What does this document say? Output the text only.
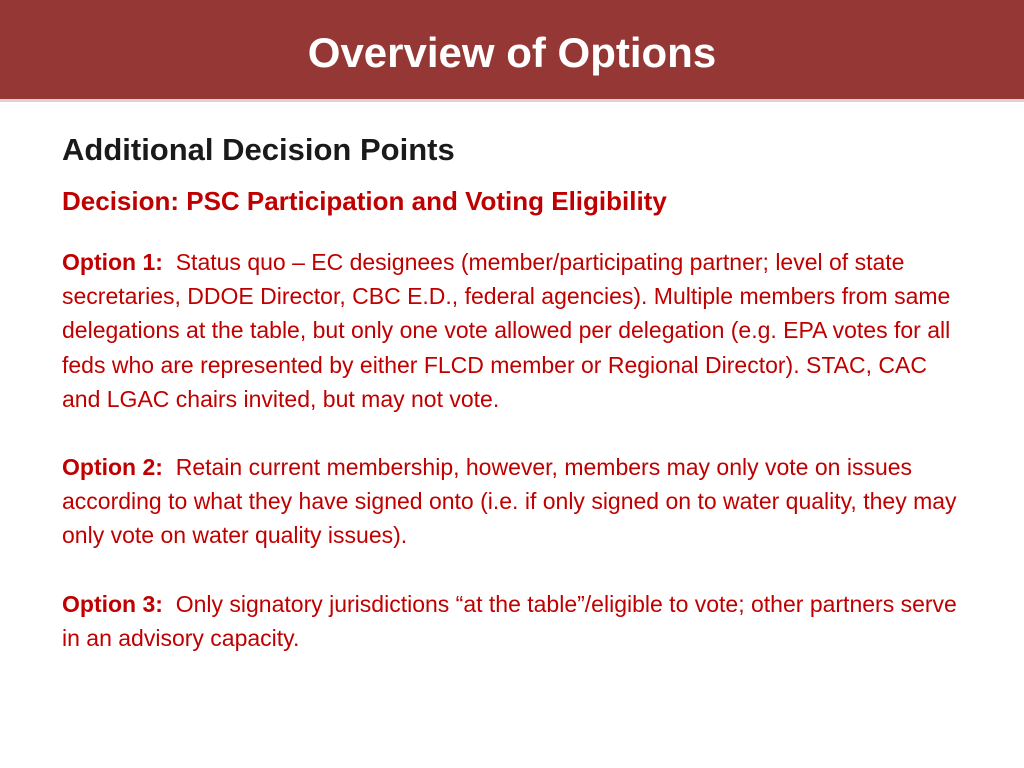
Overview of Options
Additional Decision Points
Decision: PSC Participation and Voting Eligibility
Option 1: Status quo – EC designees (member/participating partner; level of state secretaries, DDOE Director, CBC E.D., federal agencies). Multiple members from same delegations at the table, but only one vote allowed per delegation (e.g. EPA votes for all feds who are represented by either FLCD member or Regional Director). STAC, CAC and LGAC chairs invited, but may not vote.
Option 2: Retain current membership, however, members may only vote on issues according to what they have signed onto (i.e. if only signed on to water quality, they may only vote on water quality issues).
Option 3: Only signatory jurisdictions “at the table”/eligible to vote; other partners serve in an advisory capacity.
